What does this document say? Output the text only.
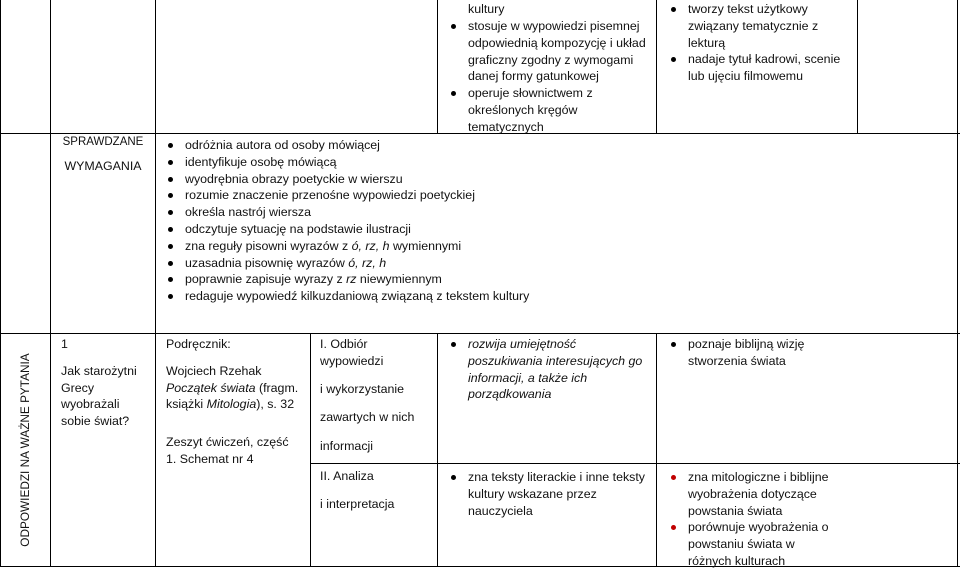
kultury
stosuje w wypowiedzi pisemnej odpowiednią kompozycję i układ graficzny zgodny z wymogami danej formy gatunkowej
operuje słownictwem z określonych kręgów tematycznych
tworzy tekst użytkowy związany tematycznie z lekturą
nadaje tytuł kadrowi, scenie lub ujęciu filmowemu
SPRAWDZANE
WYMAGANIA
odróżnia autora od osoby mówiącej
identyfikuje osobę mówiącą
wyodrębnia obrazy poetyckie w wierszu
rozumie znaczenie przenośne wypowiedzi poetyckiej
określa nastrój wiersza
odczytuje sytuację na podstawie ilustracji
zna reguły pisowni wyrazów z ó, rz, h wymiennymi
uzasadnia pisownię wyrazów ó, rz, h
poprawnie zapisuje wyrazy z rz niewymiennym
redaguje wypowiedź kilkuzdaniową związaną z tekstem kultury
ODPOWIEDZI NA WAŻNE PYTANIA
1
Jak starożytni Grecy wyobrażali sobie świat?
Podręcznik:
Wojciech Rzehak
Początek świata (fragm. książki Mitologia), s. 32
Zeszyt ćwiczeń, część 1. Schemat nr 4
I. Odbiór
wypowiedzi
i wykorzystanie
zawartych w nich
informacji
II. Analiza
i interpretacja
rozwija umiejętność poszukiwania interesujących go informacji, a także ich porządkowania
zna teksty literackie i inne teksty kultury wskazane przez nauczyciela
poznaje biblijną wizję stworzenia świata
zna mitologiczne i biblijne wyobrażenia dotyczące powstania świata
porównuje wyobrażenia o powstaniu świata w różnych kulturach
